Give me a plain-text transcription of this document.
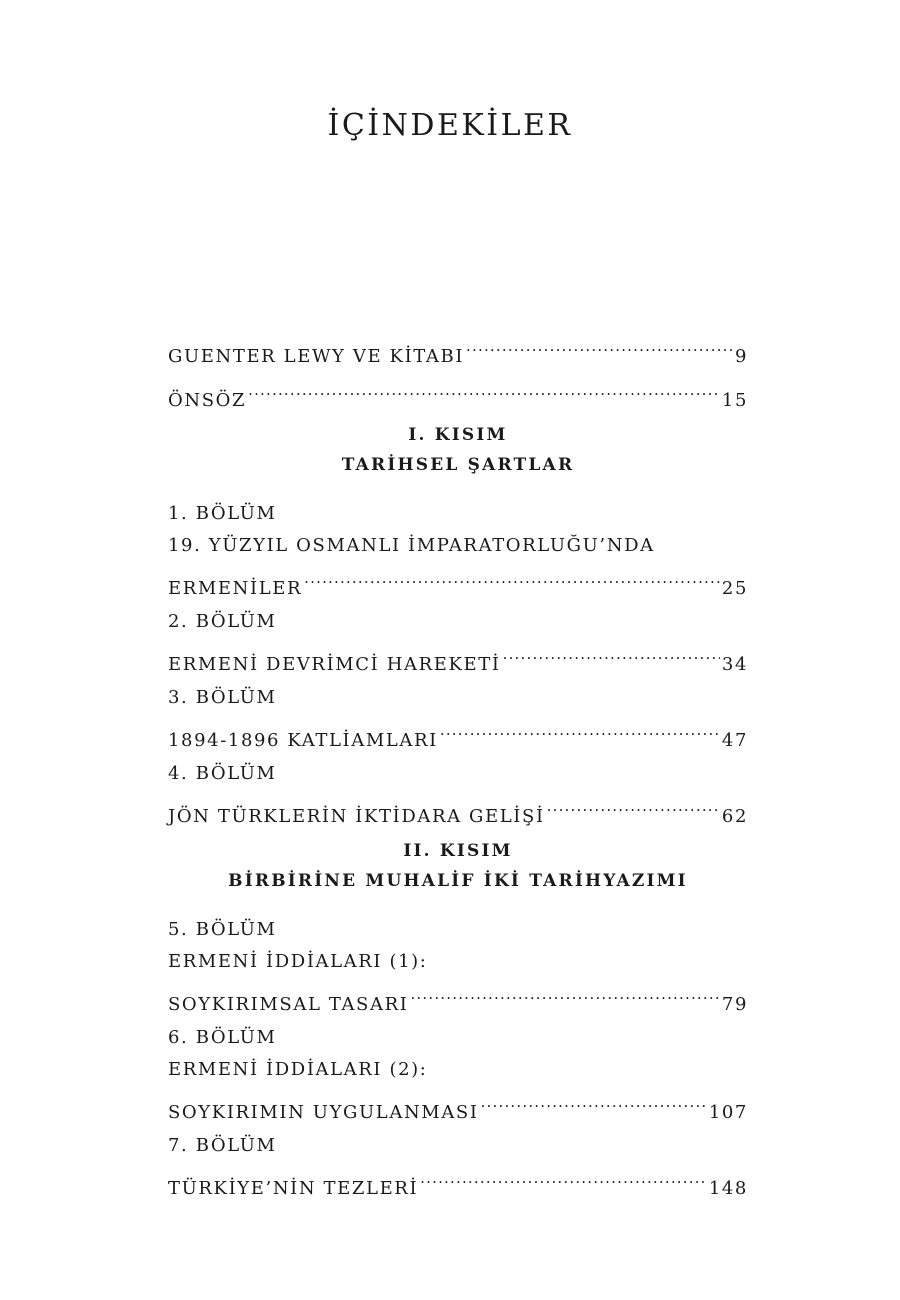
İÇİNDEKİLER
GUENTER LEWY VE KİTABI .....	9
ÖNSÖZ .....	15
I. KISIM
TARİHSEL ŞARTLAR
1. BÖLÜM
19. YÜZYIL OSMANLI İMPARATORLUĞU’NDA
ERMENİLER .....	25
2. BÖLÜM
ERMENİ DEVRİMCİ HAREKETİ .....	34
3. BÖLÜM
1894-1896 KATLİAMLARI .....	47
4. BÖLÜM
JÖN TÜRKLERİN İKTİDARA GELİŞİ .....	62
II. KISIM
BİRBİRİNE MUHALİF İKİ TARİHYAZIMI
5. BÖLÜM
ERMENİ İDDİALARI (1):
SOYKIRIMSAL TASARI .....	79
6. BÖLÜM
ERMENİ İDDİALARI (2):
SOYKIRIMIN UYGULANMASI .....	107
7. BÖLÜM
TÜRKİYE’NİN TEZLERİ .....	148
